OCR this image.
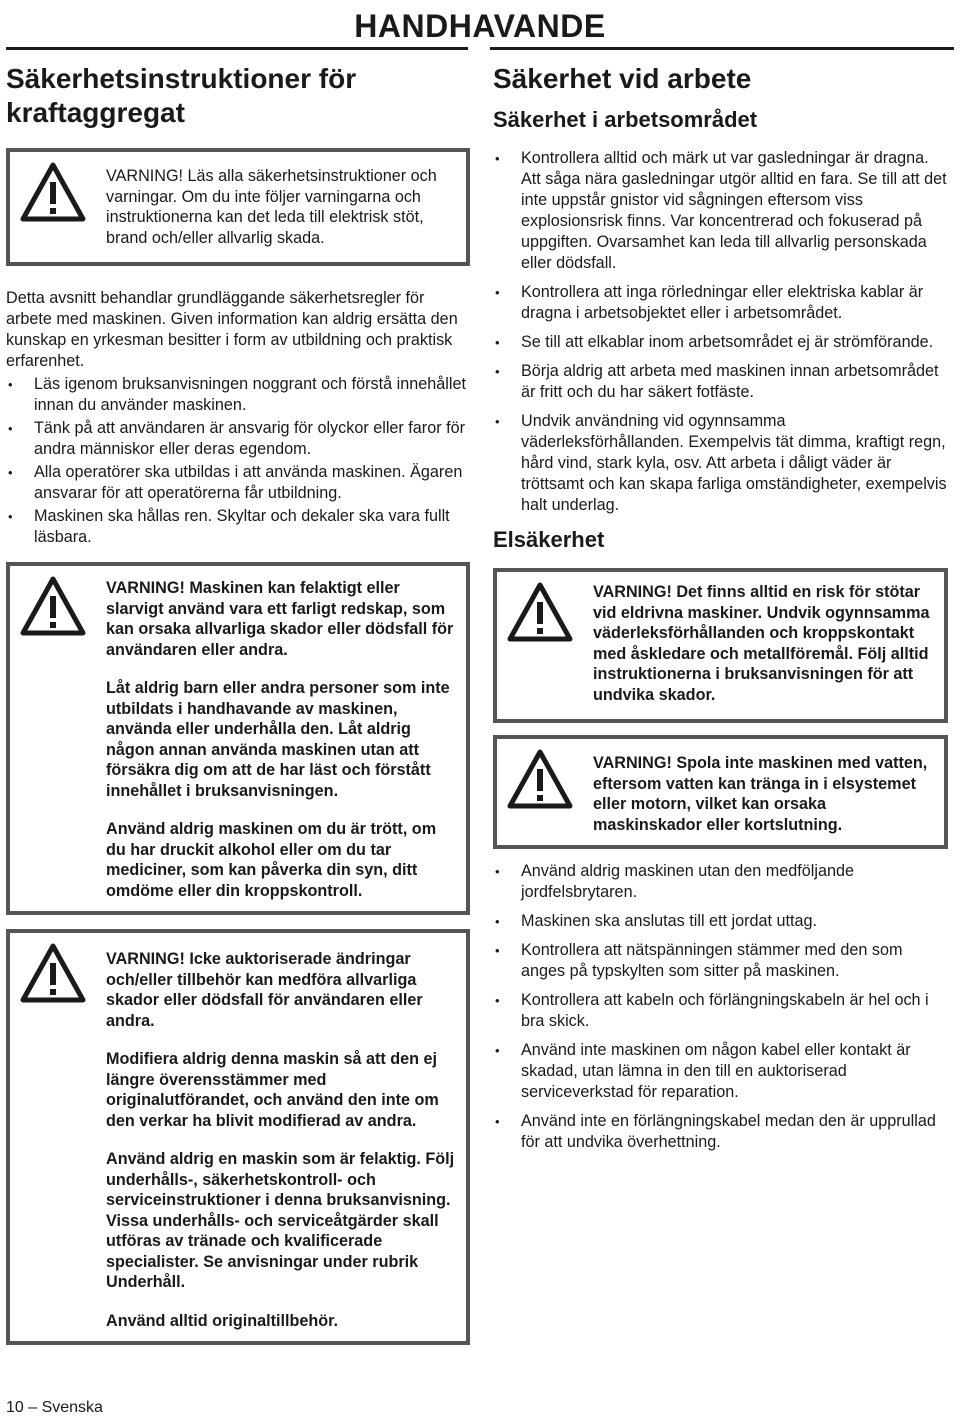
HANDHAVANDE
Säkerhetsinstruktioner för kraftaggregat

VARNING! Läs alla säkerhetsinstruktioner och varningar. Om du inte följer varningarna och instruktionerna kan det leda till elektrisk stöt, brand och/eller allvarlig skada.

Detta avsnitt behandlar grundläggande säkerhetsregler för arbete med maskinen. Given information kan aldrig ersätta den kunskap en yrkesman besitter i form av utbildning och praktisk erfarenhet.

• Läs igenom bruksanvisningen noggrant och förstå innehållet innan du använder maskinen.
• Tänk på att användaren är ansvarig för olyckor eller faror för andra människor eller deras egendom.
• Alla operatörer ska utbildas i att använda maskinen. Ägaren ansvarar för att operatörerna får utbildning.
• Maskinen ska hållas ren. Skyltar och dekaler ska vara fullt läsbara.

VARNING! Maskinen kan felaktigt eller slarvigt använd vara ett farligt redskap, som kan orsaka allvarliga skador eller dödsfall för användaren eller andra.

Låt aldrig barn eller andra personer som inte utbildats i handhavande av maskinen, använda eller underhålla den. Låt aldrig någon annan använda maskinen utan att försäkra dig om att de har läst och förstått innehållet i bruksanvisningen.

Använd aldrig maskinen om du är trött, om du har druckit alkohol eller om du tar mediciner, som kan påverka din syn, ditt omdöme eller din kroppskontroll.

VARNING! Icke auktoriserade ändringar och/eller tillbehör kan medföra allvarliga skador eller dödsfall för användaren eller andra.

Modifiera aldrig denna maskin så att den ej längre överensstämmer med originalutförandet, och använd den inte om den verkar ha blivit modifierad av andra.

Använd aldrig en maskin som är felaktig. Följ underhålls-, säkerhetskontroll- och serviceinstruktioner i denna bruksanvisning. Vissa underhålls- och serviceåtgärder skall utföras av tränade och kvalificerade specialister. Se anvisningar under rubrik Underhåll.

Använd alltid originaltillbehör.

Säkerhet vid arbete
Säkerhet i arbetsområdet
• Kontrollera alltid och märk ut var gasledningar är dragna. Att såga nära gasledningar utgör alltid en fara. Se till att det inte uppstår gnistor vid sågningen eftersom viss explosionsrisk finns. Var koncentrerad och fokuserad på uppgiften. Ovarsamhet kan leda till allvarlig personskada eller dödsfall.
• Kontrollera att inga rörledningar eller elektriska kablar är dragna i arbetsobjektet eller i arbetsområdet.
• Se till att elkablar inom arbetsområdet ej är strömförande.
• Börja aldrig att arbeta med maskinen innan arbetsområdet är fritt och du har säkert fotfäste.
• Undvik användning vid ogynnsamma väderleksförhållanden. Exempelvis tät dimma, kraftigt regn, hård vind, stark kyla, osv. Att arbeta i dåligt väder är tröttsamt och kan skapa farliga omständigheter, exempelvis halt underlag.
Elsäkerhet

VARNING! Det finns alltid en risk för stötar vid eldrivna maskiner. Undvik ogynnsamma väderleksförhållanden och kroppskontakt med åskledare och metallföremål. Följ alltid instruktionerna i bruksanvisningen för att undvika skador.

VARNING! Spola inte maskinen med vatten, eftersom vatten kan tränga in i elsystemet eller motorn, vilket kan orsaka maskinskador eller kortslutning.

• Använd aldrig maskinen utan den medföljande jordfelsbrytaren.
• Maskinen ska anslutas till ett jordat uttag.
• Kontrollera att nätspänningen stämmer med den som anges på typskylten som sitter på maskinen.
• Kontrollera att kabeln och förlängningskabeln är hel och i bra skick.
• Använd inte maskinen om någon kabel eller kontakt är skadad, utan lämna in den till en auktoriserad serviceverkstad för reparation.
• Använd inte en förlängningskabel medan den är upprullad för att undvika överhettning.
10 – Svenska
